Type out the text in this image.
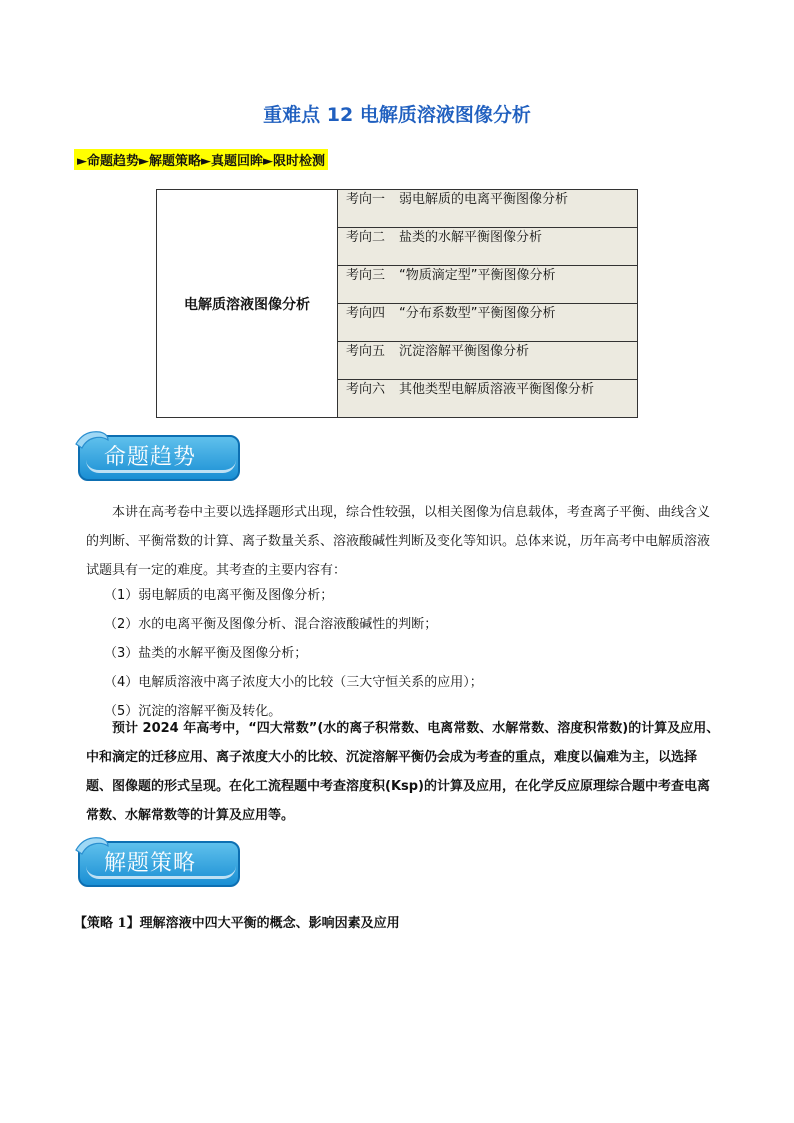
重难点 12 电解质溶液图像分析
►命题趋势►解题策略►真题回眸►限时检测
电解质溶液图像分析	考向一 弱电解质的电离平衡图像分析
考向二 盐类的水解平衡图像分析
考向三 “物质滴定型”平衡图像分析
考向四 “分布系数型”平衡图像分析
考向五 沉淀溶解平衡图像分析
考向六 其他类型电解质溶液平衡图像分析
命题趋势
本讲在高考卷中主要以选择题形式出现，综合性较强，以相关图像为信息载体，考查离子平衡、曲线含义的判断、平衡常数的计算、离子数量关系、溶液酸碱性判断及变化等知识。总体来说，历年高考中电解质溶液试题具有一定的难度。其考查的主要内容有：
（1）弱电解质的电离平衡及图像分析；
（2）水的电离平衡及图像分析、混合溶液酸碱性的判断；
（3）盐类的水解平衡及图像分析；
（4）电解质溶液中离子浓度大小的比较（三大守恒关系的应用）；
（5）沉淀的溶解平衡及转化。
预计 2024 年高考中，“四大常数”(水的离子积常数、电离常数、水解常数、溶度积常数)的计算及应用、中和滴定的迁移应用、离子浓度大小的比较、沉淀溶解平衡仍会成为考查的重点，难度以偏难为主，以选择题、图像题的形式呈现。在化工流程题中考查溶度积(Ksp)的计算及应用，在化学反应原理综合题中考查电离常数、水解常数等的计算及应用等。
解题策略
【策略 1】理解溶液中四大平衡的概念、影响因素及应用
